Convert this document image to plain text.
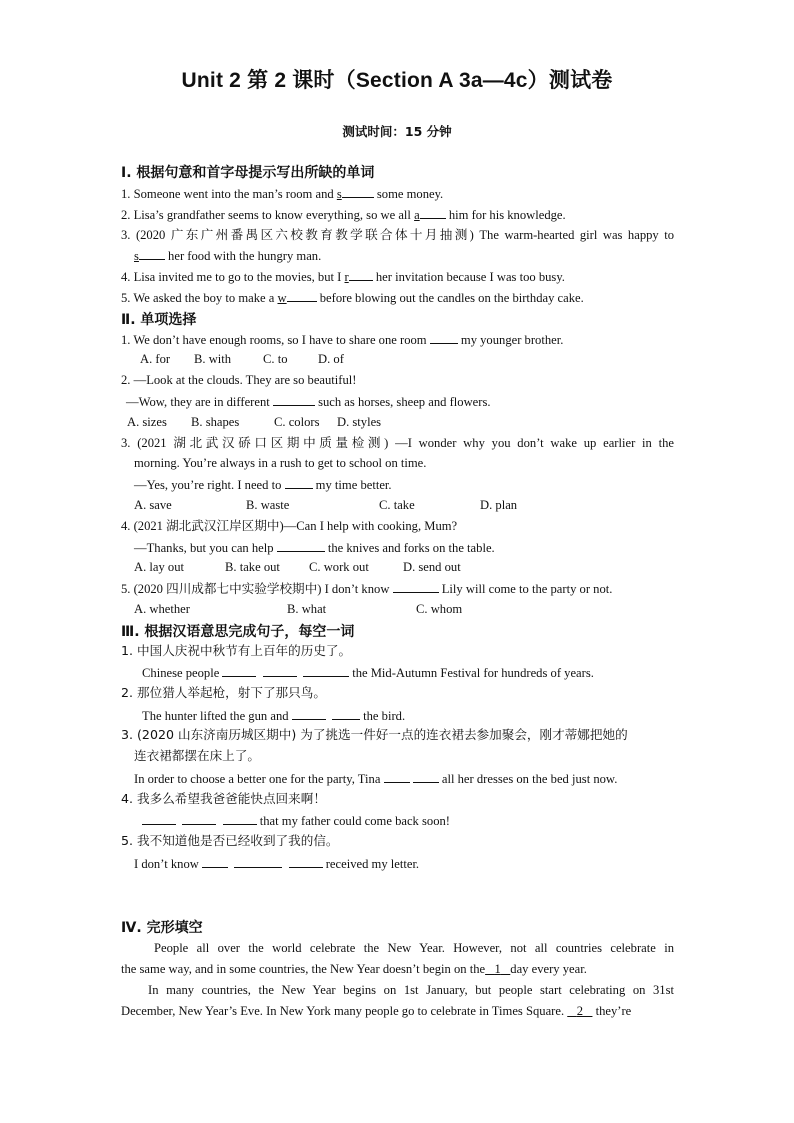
Unit 2 第 2 课时（Section A 3a—4c）测试卷
测试时间：15 分钟
Ⅰ. 根据句意和首字母提示写出所缺的单词
1. Someone went into the man’s room and s	some money.
2. Lisa’s grandfather seems to know everything, so we all a him for his knowledge.
3. (2020 广东广州番禺区六校教育教学联合体十月抽测) The warm-hearted girl was happy to
s her food with the hungry man.
4. Lisa invited me to go to the movies, but I r her invitation because I was too busy.
5. We asked the boy to make a w before blowing out the candles on the birthday cake.
Ⅱ. 单项选择
1. We don’t have enough rooms, so I have to share one room  my younger brother.
A. for B. with	C. to D. of
2. —Look at the clouds. They are so beautiful!
—Wow, they are in different	such as horses, sheep and flowers.
A. sizes B. shapes	C. colors D. styles
3. (2021 湖北武汉硚口区期中质量检测) —I wonder why you don’t wake up earlier in the
morning. You’re always in a rush to get to school on time.
—Yes, you’re right. I need to  my time better.
A. save	B. waste	C. take	D. plan
4. (2021 湖北武汉江岸区期中)—Can I help with cooking, Mum?
—Thanks, but you can help	the knives and forks on the table.
A. lay out	B. take out C. work out	D. send out
5. (2020 四川成都七中实验学校期中) I don’t know	Lily will come to the party or not.
A. whether	B. what	C. whom
Ⅲ. 根据汉语意思完成句子，每空一词
1. 中国人庆祝中秋节有上百年的历史了。
Chinese people	the Mid-Autumn Festival for hundreds of years.
2. 那位猎人举起枪，射下了那只鸟。
The hunter lifted the gun and	the bird.
3. (2020 山东济南历城区期中) 为了挑选一件好一点的连衣裙去参加聚会，刚才蒂娜把她的
连衣裙都摆在床上了。
In order to choose a better one for the party, Tina	all her dresses on the bed just now.
4. 我多么希望我爸爸能快点回来啊！
that my father could come back soon!
5. 我不知道他是否已经收到了我的信。
I don’t know	received my letter.
Ⅳ. 完形填空
People all over the world celebrate the New Year. However, not all countries celebrate in
the same way, and in some countries, the New Year doesn’t begin on the 1 day every year.
In many countries, the New Year begins on 1st January, but people start celebrating on 31st
December, New Year’s Eve. In New York many people go to celebrate in Times Square.    2    they’re
